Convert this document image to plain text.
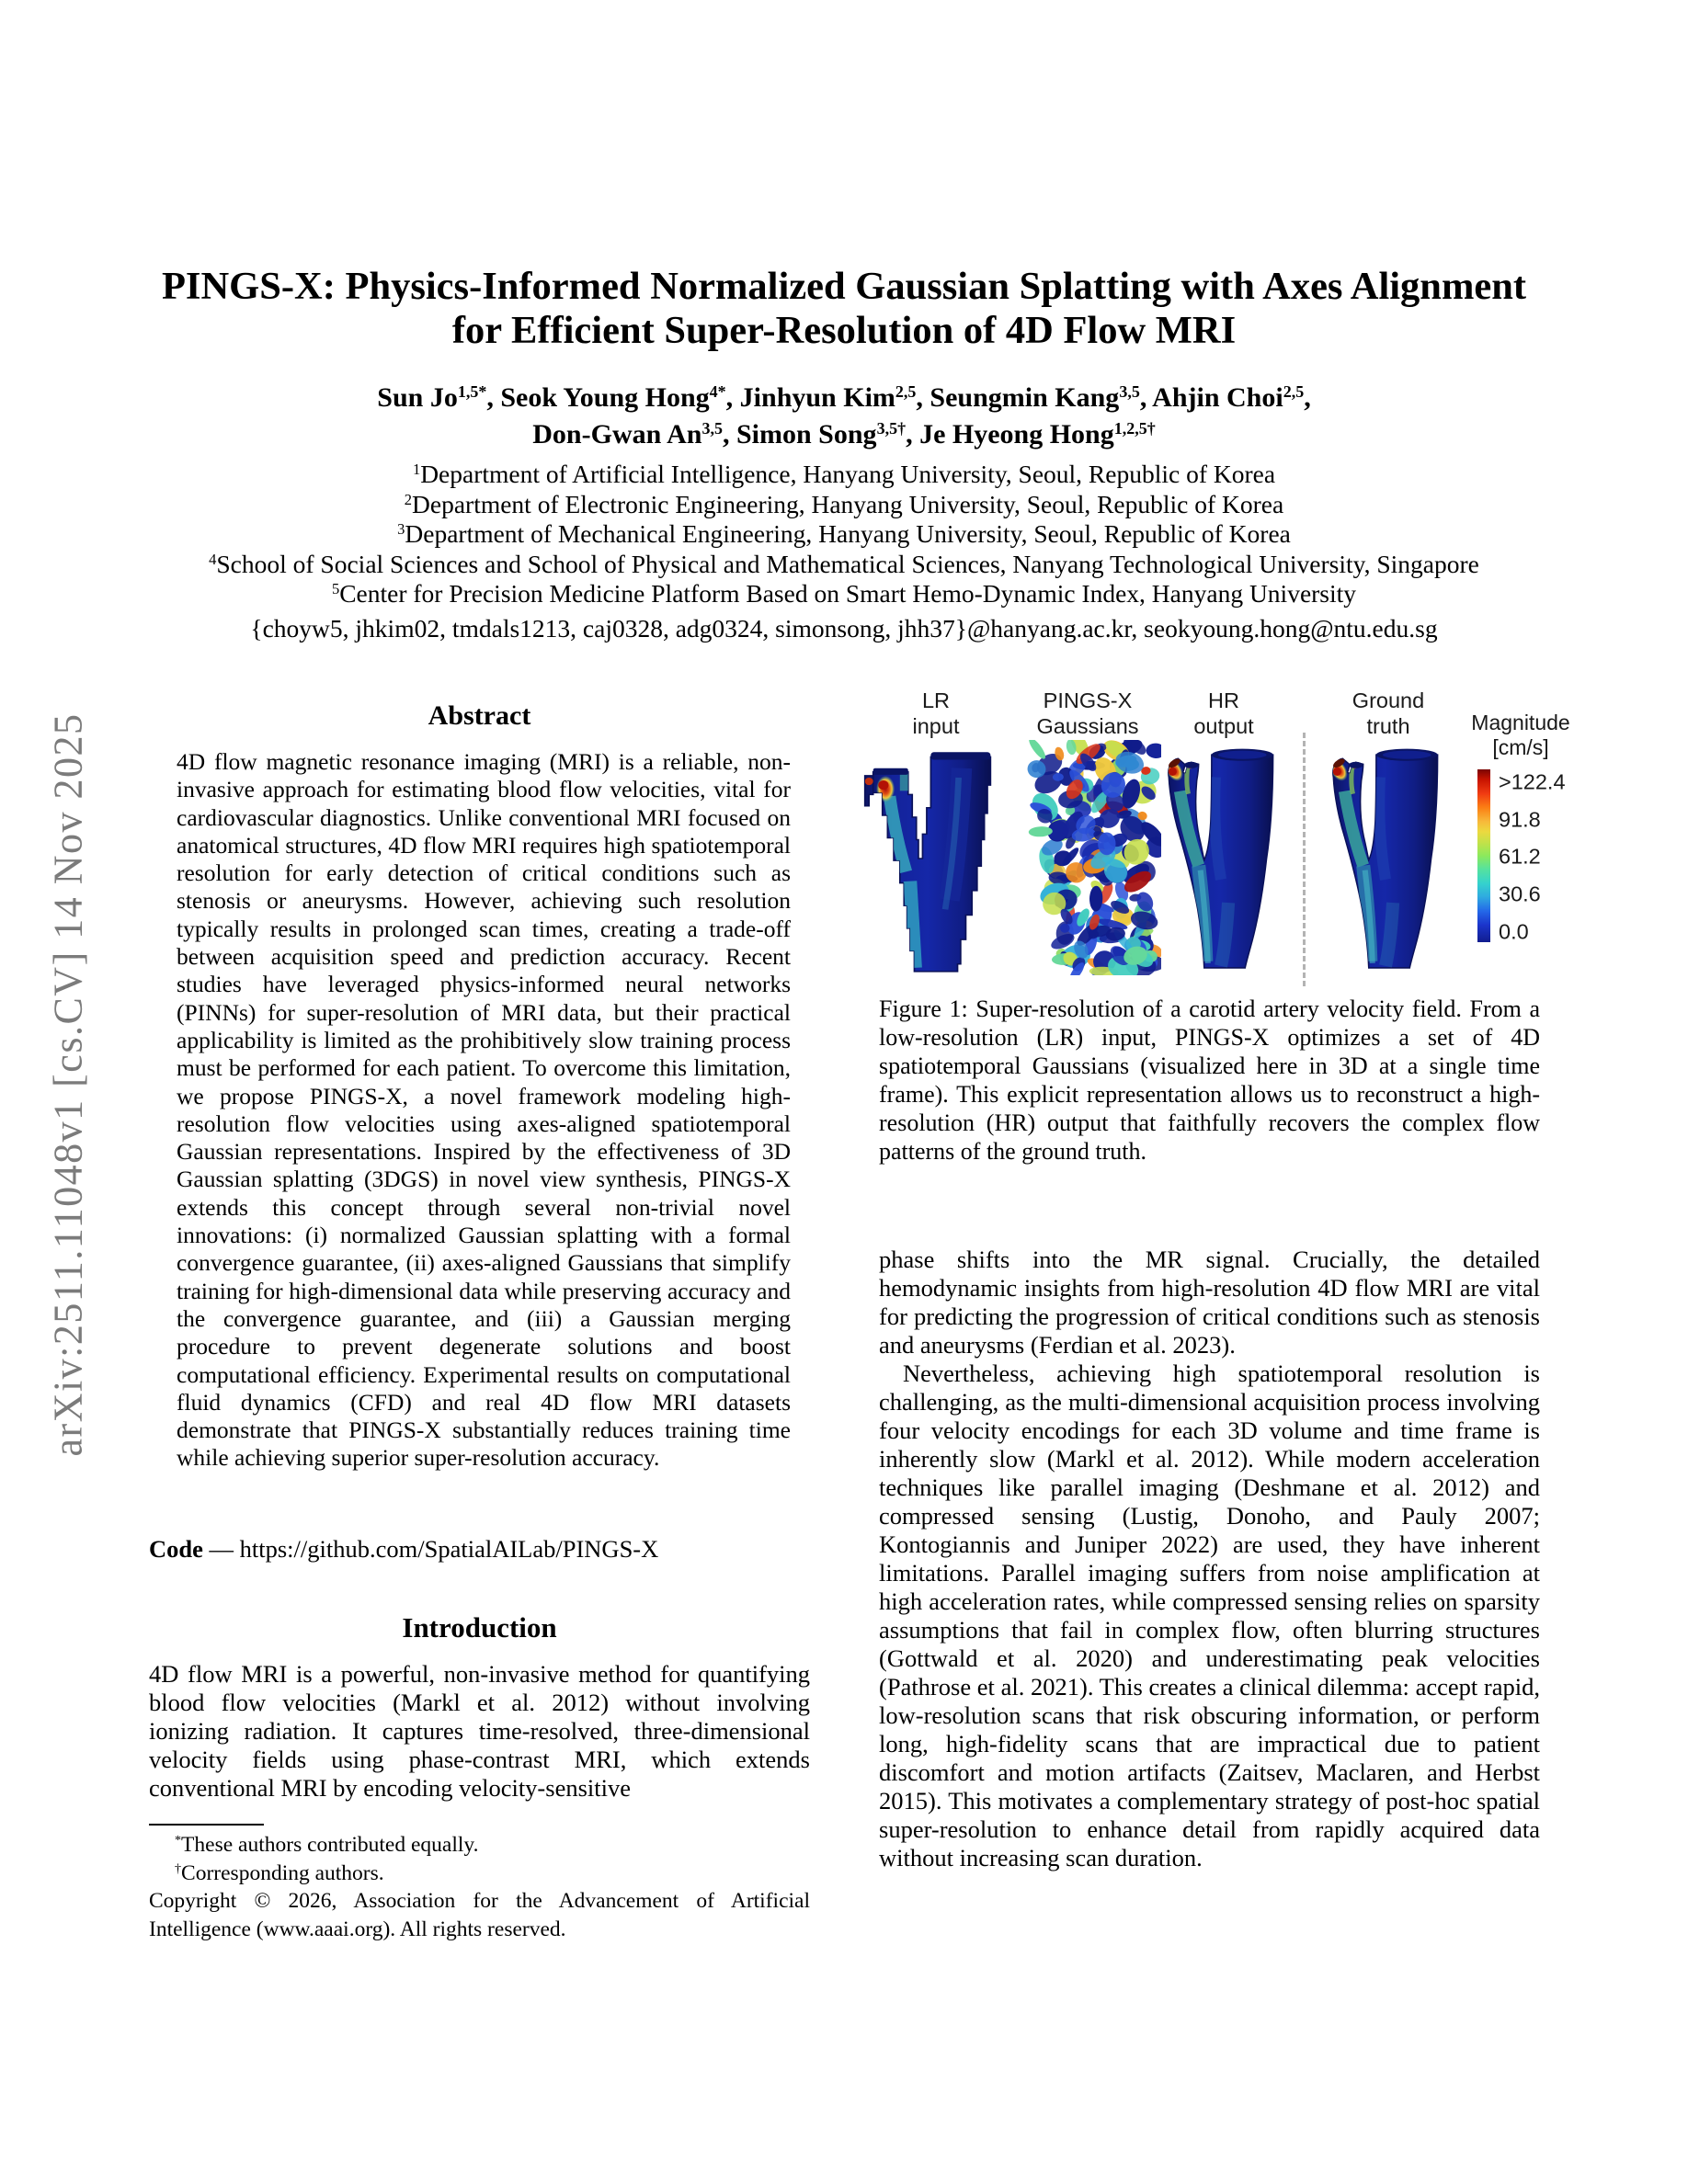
arXiv:2511.11048v1 [cs.CV] 14 Nov 2025
PINGS-X: Physics-Informed Normalized Gaussian Splatting with Axes Alignment
for Efficient Super-Resolution of 4D Flow MRI
Sun $Jo^{1,5*}$, Seok Young Hong$^{4*}$, Jinhyun Kim$^{2,5}$, Seungmin Kang$^{3,5}$, Ahjin Choi$^{2,5}$,
Don-Gwan An$^{3,5}$, Simon Song$^{3,5\dagger}$, Je Hyeong Hong$^{1,2,5\dagger}$
$^1$Department of Artificial Intelligence, Hanyang University, Seoul, Republic of Korea
$^2$Department of Electronic Engineering, Hanyang University, Seoul, Republic of Korea
$^3$Department of Mechanical Engineering, Hanyang University, Seoul, Republic of Korea
$^4$School of Social Sciences and School of Physical and Mathematical Sciences, Nanyang Technological University, Singapore
$^5$Center for Precision Medicine Platform Based on Smart Hemo-Dynamic Index, Hanyang University
{choyw5, jhkim02, tmdals1213, caj0328, adg0324, simonsong, jhh37}@hanyang.ac.kr, seokyoung.hong@ntu.edu.sg
Abstract
4D flow magnetic resonance imaging (MRI) is a reliable, non-invasive approach for estimating blood flow velocities, vital for cardiovascular diagnostics. Unlike conventional MRI focused on anatomical structures, 4D flow MRI requires high spatiotemporal resolution for early detection of critical conditions such as stenosis or aneurysms. However, achieving such resolution typically results in prolonged scan times, creating a trade-off between acquisition speed and prediction accuracy. Recent studies have leveraged physics-informed neural networks (PINNs) for super-resolution of MRI data, but their practical applicability is limited as the prohibitively slow training process must be performed for each patient. To overcome this limitation, we propose PINGS-X, a novel framework modeling high-resolution flow velocities using axes-aligned spatiotemporal Gaussian representations. Inspired by the effectiveness of 3D Gaussian splatting (3DGS) in novel view synthesis, PINGS-X extends this concept through several non-trivial novel innovations: (i) normalized Gaussian splatting with a formal convergence guarantee, (ii) axes-aligned Gaussians that simplify training for high-dimensional data while preserving accuracy and the convergence guarantee, and (iii) a Gaussian merging procedure to prevent degenerate solutions and boost computational efficiency. Experimental results on computational fluid dynamics (CFD) and real 4D flow MRI datasets demonstrate that PINGS-X substantially reduces training time while achieving superior super-resolution accuracy.
Code — https://github.com/SpatialAILab/PINGS-X
Introduction
4D flow MRI is a powerful, non-invasive method for quantifying blood flow velocities (Markl et al. 2012) without involving ionizing radiation. It captures time-resolved, three-dimensional velocity fields using phase-contrast MRI, which extends conventional MRI by encoding velocity-sensitive
*These authors contributed equally.
†Corresponding authors.
Copyright © 2026, Association for the Advancement of Artificial Intelligence (www.aaai.org). All rights reserved.
LR
input
PINGS-X
Gaussians
HR
output
Ground
truth	Magnitude
[cm/s]
>122.4
91.8
61.2
30.6
0.0
Figure 1: Super-resolution of a carotid artery velocity field. From a low-resolution (LR) input, PINGS-X optimizes a set of 4D spatiotemporal Gaussians (visualized here in 3D at a single time frame). This explicit representation allows us to reconstruct a high-resolution (HR) output that faithfully recovers the complex flow patterns of the ground truth.

phase shifts into the MR signal. Crucially, the detailed hemodynamic insights from high-resolution 4D flow MRI are vital for predicting the progression of critical conditions such as stenosis and aneurysms (Ferdian et al. 2023).

Nevertheless, achieving high spatiotemporal resolution is challenging, as the multi-dimensional acquisition process involving four velocity encodings for each 3D volume and time frame is inherently slow (Markl et al. 2012). While modern acceleration techniques like parallel imaging (Deshmane et al. 2012) and compressed sensing (Lustig, Donoho, and Pauly 2007; Kontogiannis and Juniper 2022) are used, they have inherent limitations. Parallel imaging suffers from noise amplification at high acceleration rates, while compressed sensing relies on sparsity assumptions that fail in complex flow, often blurring structures (Gottwald et al. 2020) and underestimating peak velocities (Pathrose et al. 2021). This creates a clinical dilemma: accept rapid, low-resolution scans that risk obscuring information, or perform long, high-fidelity scans that are impractical due to patient discomfort and motion artifacts (Zaitsev, Maclaren, and Herbst 2015). This motivates a complementary strategy of post-hoc spatial super-resolution to enhance detail from rapidly acquired data without increasing scan duration.
